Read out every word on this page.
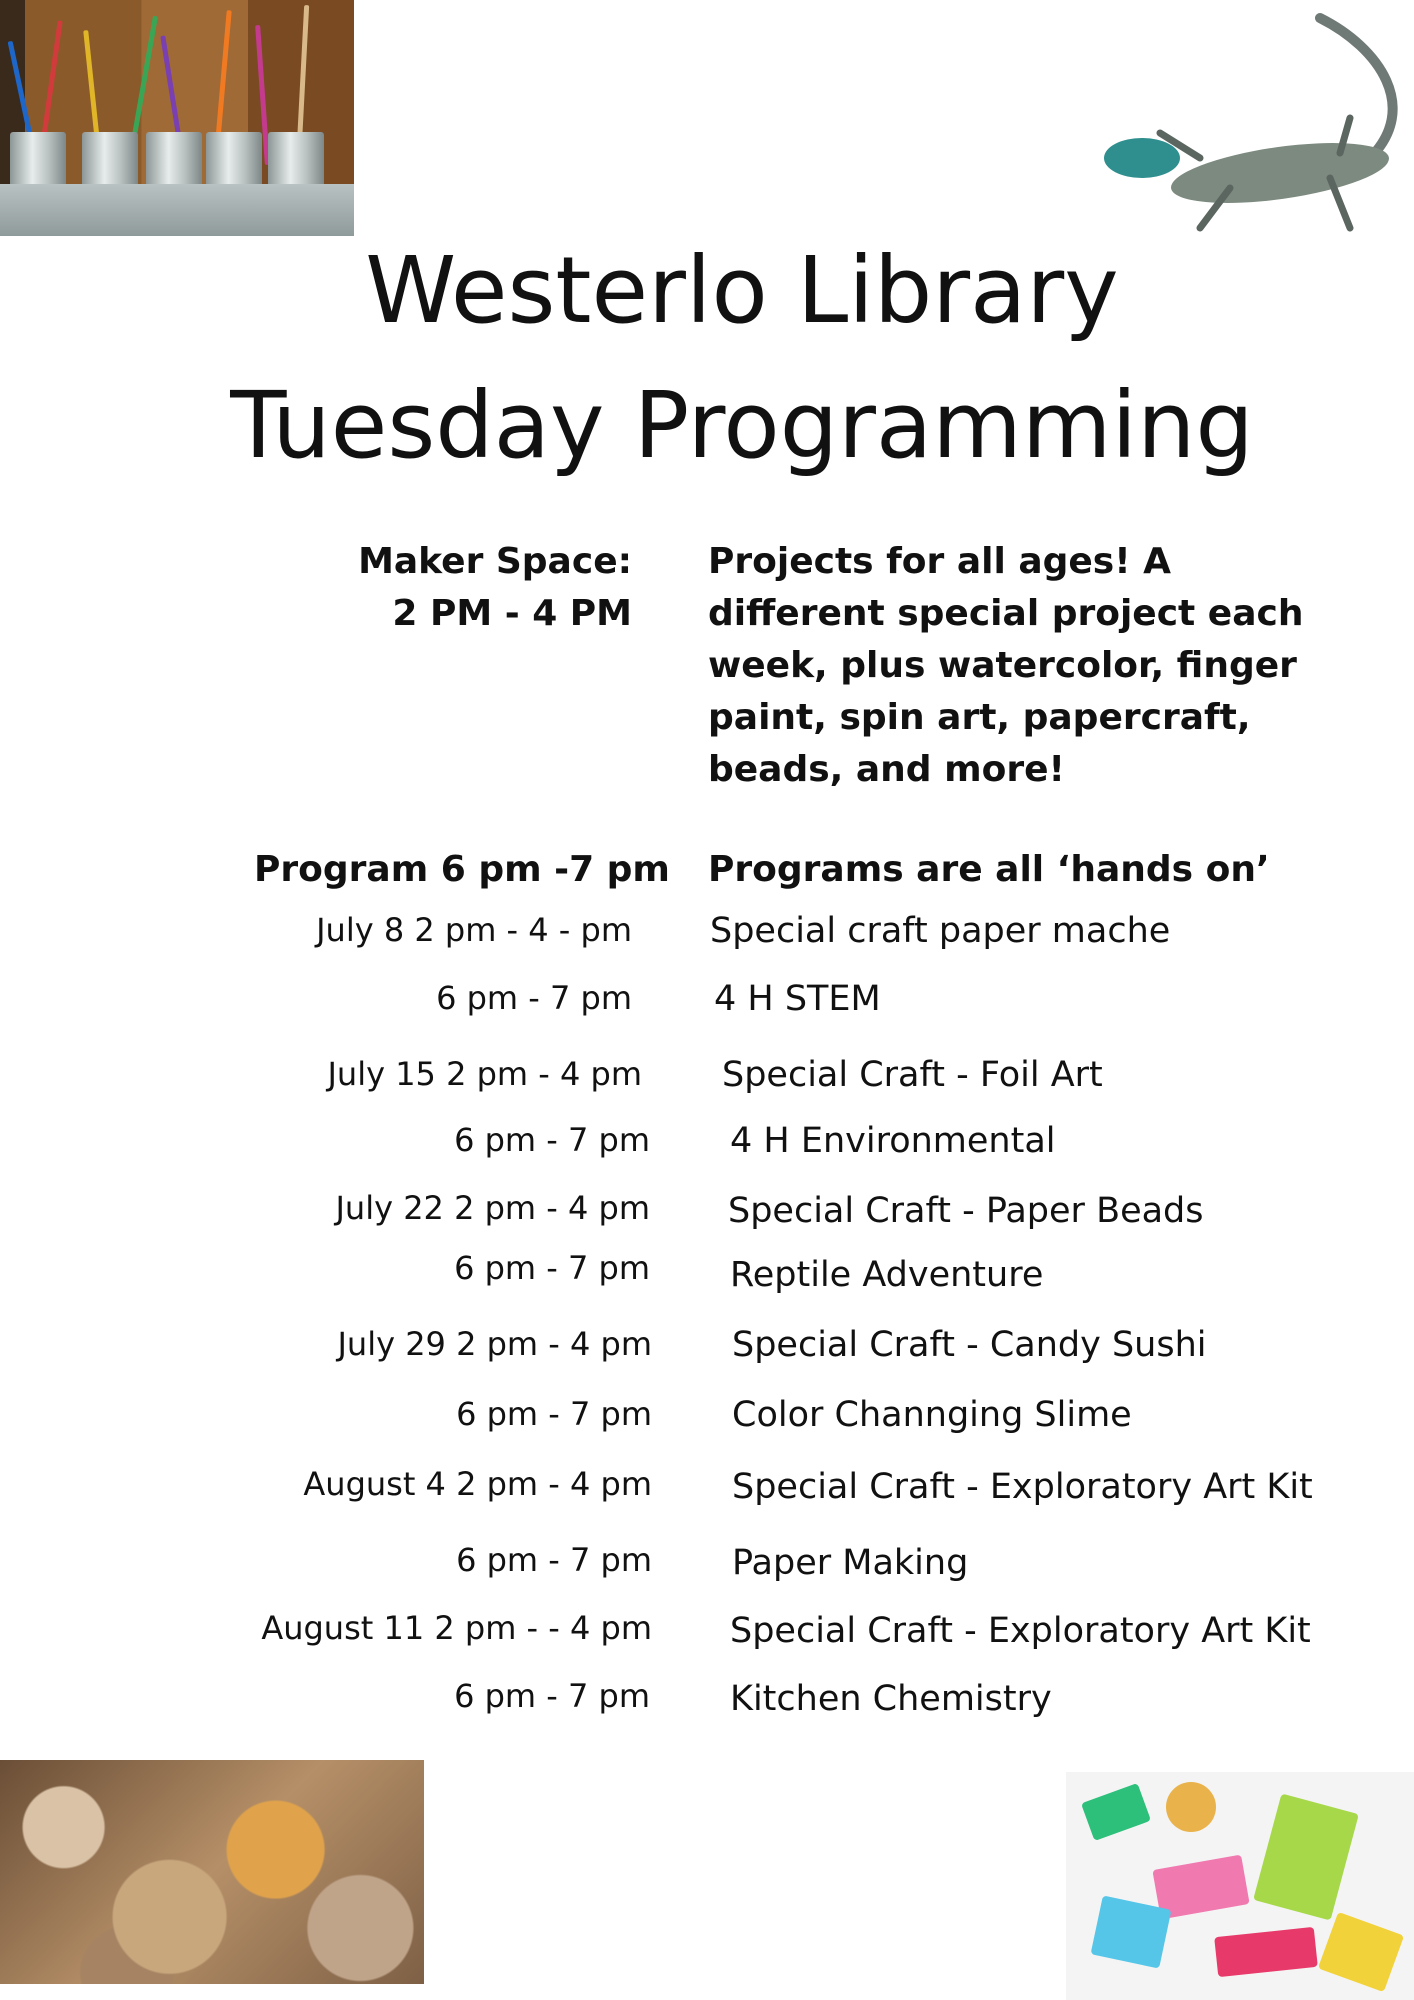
Westerlo Library
Tuesday Programming
Maker Space:
2 PM - 4 PM
Projects for all ages! A different special project each week, plus watercolor, finger paint, spin art, papercraft, beads, and more!
Program 6 pm -7 pm Programs are all ‘hands on’
July 8 2 pm - 4 - pm Special craft paper mache
6 pm - 7 pm 4 H STEM
July 15 2 pm - 4 pm Special Craft - Foil Art
6 pm - 7 pm 4 H Environmental
July 22 2 pm - 4 pm Special Craft - Paper Beads
6 pm - 7 pm Reptile Adventure
July 29 2 pm - 4 pm Special Craft - Candy Sushi
6 pm - 7 pm Color Channging Slime
August 4 2 pm - 4 pm Special Craft - Exploratory Art Kit
6 pm - 7 pm Paper Making
August 11 2 pm - - 4 pm Special Craft - Exploratory Art Kit
6 pm - 7 pm Kitchen Chemistry
